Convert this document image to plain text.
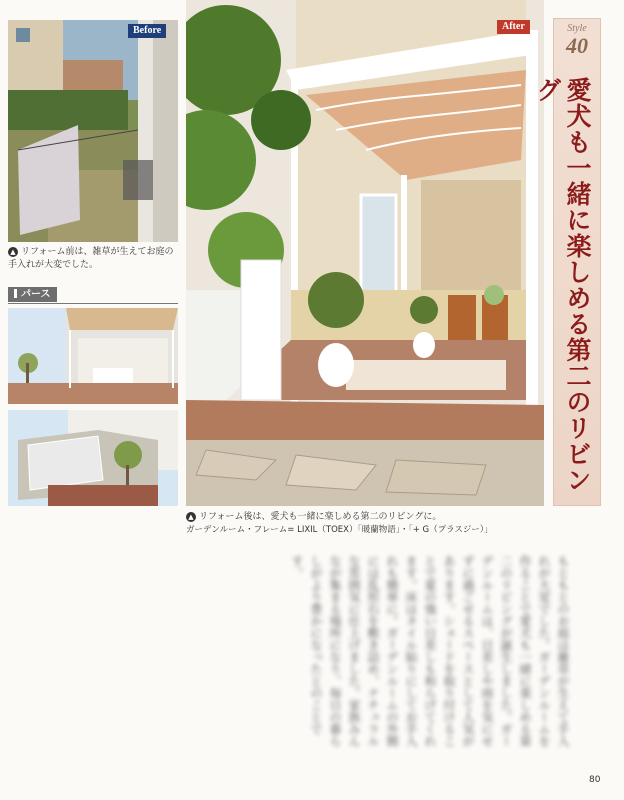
Before
▲ リフォーム前は、雑草が生えてお庭の手入れが大変でした。
パース
After
▲ リフォーム後は、愛犬も一緒に楽しめる第二のリビングに。
ガーデンルーム・フレーム= LIXIL（TOEX）「暖蘭物語」・「+ G（プラスジー）」
Style
40
愛犬も一緒に楽しめる第二のリビング
もともとのお庭は雑草が生えて手入れが大変でした。ガーデンルームを作ることで愛犬も一緒に楽しめる第二のリビングが誕生しました。ガーデンルームは、日差しや雨を気にせずに過ごせるスペースとして人気があります。シェードを取り付けることで夏の強い日差しも和らげてくれます。床はタイル貼りにしてお手入れも簡単に。ガーデンルームの外側には乱形石を敷き詰め、ナチュラルな雰囲気に仕上げました。家族みんなが集まる場所になり、毎日の暮らしがより豊かになったとのことです。
80
